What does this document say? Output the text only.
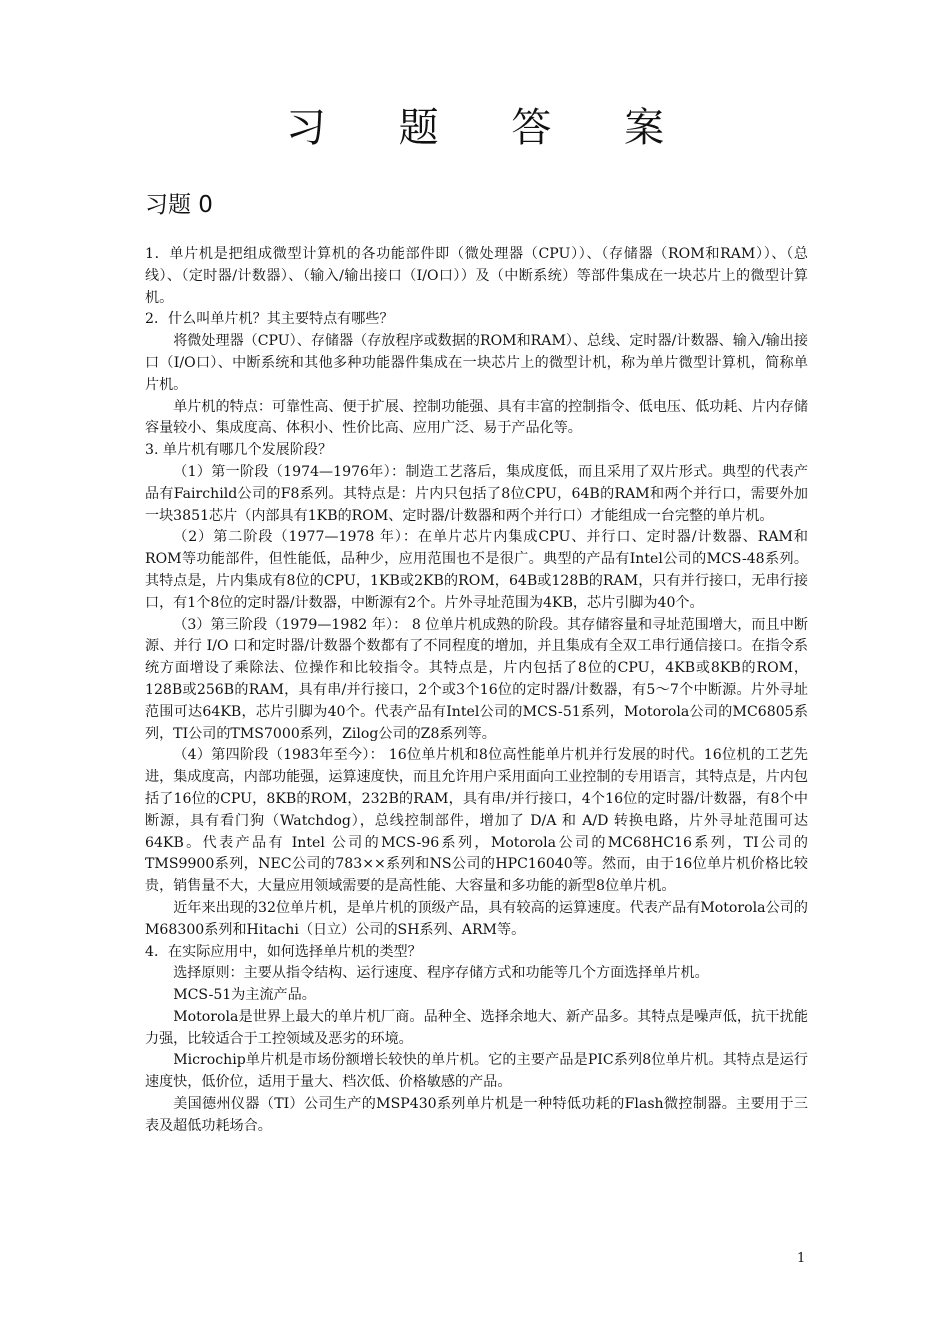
习 题 答 案
习题 0

1．单片机是把组成微型计算机的各功能部件即（微处理器（CPU））、（存储器（ROM和RAM））、（总线）、（定时器/计数器）、（输入/输出接口（I/O口））及（中断系统）等部件集成在一块芯片上的微型计算机。

2．什么叫单片机？其主要特点有哪些？

将微处理器（CPU）、存储器（存放程序或数据的ROM和RAM）、总线、定时器/计数器、输入/输出接口（I/O口）、中断系统和其他多种功能器件集成在一块芯片上的微型计机，称为单片微型计算机，简称单片机。

单片机的特点：可靠性高、便于扩展、控制功能强、具有丰富的控制指令、低电压、低功耗、片内存储容量较小、集成度高、体积小、性价比高、应用广泛、易于产品化等。

3. 单片机有哪几个发展阶段？

（1）第一阶段（1974—1976年）：制造工艺落后，集成度低，而且采用了双片形式。典型的代表产品有Fairchild公司的F8系列。其特点是：片内只包括了8位CPU，64B的RAM和两个并行口，需要外加一块3851芯片（内部具有1KB的ROM、定时器/计数器和两个并行口）才能组成一台完整的单片机。

（2）第二阶段（1977—1978 年）：在单片芯片内集成CPU、并行口、定时器/计数器、RAM和ROM等功能部件，但性能低，品种少，应用范围也不是很广。典型的产品有Intel公司的MCS-48系列。其特点是，片内集成有8位的CPU，1KB或2KB的ROM，64B或128B的RAM，只有并行接口，无串行接口，有1个8位的定时器/计数器，中断源有2个。片外寻址范围为4KB，芯片引脚为40个。

（3）第三阶段（1979—1982 年）： 8 位单片机成熟的阶段。其存储容量和寻址范围增大，而且中断源、并行 I/O 口和定时器/计数器个数都有了不同程度的增加，并且集成有全双工串行通信接口。在指令系统方面增设了乘除法、位操作和比较指令。其特点是，片内包括了8位的CPU，4KB或8KB的ROM，128B或256B的RAM，具有串/并行接口，2个或3个16位的定时器/计数器，有5～7个中断源。片外寻址范围可达64KB，芯片引脚为40个。代表产品有Intel公司的MCS-51系列，Motorola公司的MC6805系列，TI公司的TMS7000系列，Zilog公司的Z8系列等。

（4）第四阶段（1983年至今）： 16位单片机和8位高性能单片机并行发展的时代。16位机的工艺先进，集成度高，内部功能强，运算速度快，而且允许用户采用面向工业控制的专用语言，其特点是，片内包括了16位的CPU，8KB的ROM，232B的RAM，具有串/并行接口，4个16位的定时器/计数器，有8个中断源，具有看门狗（Watchdog），总线控制部件，增加了 D/A 和 A/D 转换电路，片外寻址范围可达 64KB。代表产品有 Intel 公司的MCS-96系列，Motorola公司的MC68HC16系列，TI公司的TMS9900系列，NEC公司的783××系列和NS公司的HPC16040等。然而，由于16位单片机价格比较贵，销售量不大，大量应用领域需要的是高性能、大容量和多功能的新型8位单片机。

近年来出现的32位单片机，是单片机的顶级产品，具有较高的运算速度。代表产品有Motorola公司的M68300系列和Hitachi（日立）公司的SH系列、ARM等。

4．在实际应用中，如何选择单片机的类型？

选择原则：主要从指令结构、运行速度、程序存储方式和功能等几个方面选择单片机。

MCS-51为主流产品。

Motorola是世界上最大的单片机厂商。品种全、选择余地大、新产品多。其特点是噪声低，抗干扰能力强，比较适合于工控领域及恶劣的环境。

Microchip单片机是市场份额增长较快的单片机。它的主要产品是PIC系列8位单片机。其特点是运行速度快，低价位，适用于量大、档次低、价格敏感的产品。

美国德州仪器（TI）公司生产的MSP430系列单片机是一种特低功耗的Flash微控制器。主要用于三表及超低功耗场合。

1
